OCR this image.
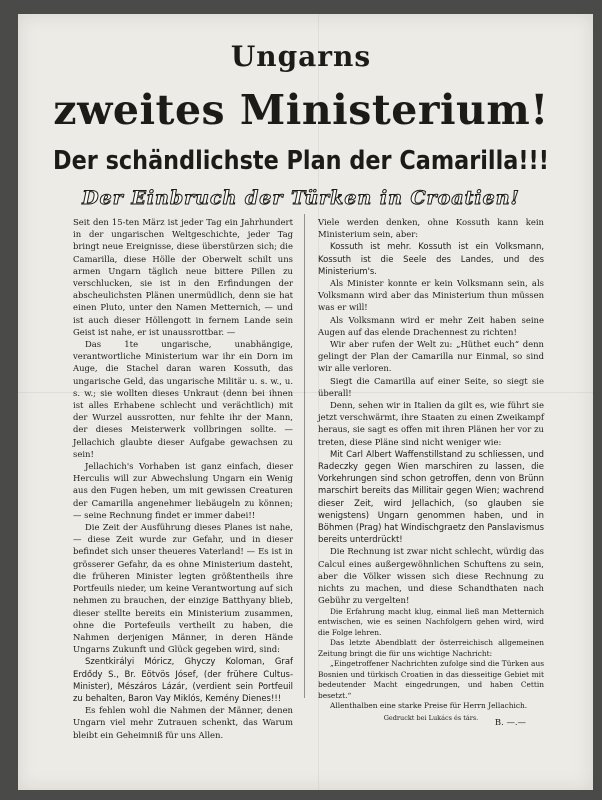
Ungarns
zweites Ministerium!
Der schändlichste Plan der Camarilla!!!
Der Einbruch der Türken in Croatien!

Seit den 15-ten März ist jeder Tag ein Jahrhundert in der ungarischen Weltgeschichte, jeder Tag bringt neue Ereignisse, diese überstürzen sich; die Camarilla, diese Hölle der Oberwelt schilt uns armen Ungarn täglich neue bittere Pillen zu verschlucken, sie ist in den Erfindungen der abscheulichsten Plänen unermüdlich, denn sie hat einen Pluto, unter den Namen Metternich, — und ist auch dieser Höllengott in fernem Lande sein Geist ist nahe, er ist unaussrottbar. —

Das 1te ungarische, unabhängige, verantwortliche Ministerium war ihr ein Dorn im Auge, die Stachel daran waren Kossuth, das ungarische Geld, das ungarische Militär u. s. w., u. s. w.; sie wollten dieses Unkraut (denn bei ihnen ist alles Erhabene schlecht und verächtlich) mit der Wurzel aussrotten, nur fehlte ihr der Mann, der dieses Meisterwerk vollbringen sollte. — Jellachich glaubte dieser Aufgabe gewachsen zu sein!

Jellachich's Vorhaben ist ganz einfach, dieser Herculis will zur Abwechslung Ungarn ein Wenig aus den Fugen heben, um mit gewissen Creaturen der Camarilla angenehmer liebäugeln zu können; — seine Rechnung findet er immer dabei!!

Die Zeit der Ausführung dieses Planes ist nahe, — diese Zeit wurde zur Gefahr, und in dieser befindet sich unser theueres Vaterland! — Es ist in grösserer Gefahr, da es ohne Ministerium dasteht, die früheren Minister legten größtentheils ihre Portfeuils nieder, um keine Verantwortung auf sich nehmen zu brauchen, der einzige Batthyany blieb, dieser stellte bereits ein Ministerium zusammen, ohne die Portefeuils vertheilt zu haben, die Nahmen derjenigen Männer, in deren Hände Ungarns Zukunft und Glück gegeben wird, sind:

Szentkirályi Móricz, Ghyczy Koloman, Graf Erdődy S., Br. Eötvös Jósef, (der frühere Cultus-Minister), Mészáros Lázár, (verdient sein Portfeuil zu behalten, Baron Vay Miklós, Kemény Dienes!!!

Es fehlen wohl die Nahmen der Männer, denen Ungarn viel mehr Zutrauen schenkt, das Warum bleibt ein Geheimniß für uns Allen.

Viele werden denken, ohne Kossuth kann kein Ministerium sein, aber:

Kossuth ist mehr. Kossuth ist ein Volksmann, Kossuth ist die Seele des Landes, und des Ministerium's.

Als Minister konnte er kein Volksmann sein, als Volksmann wird aber das Ministerium thun müssen was er will!

Als Volksmann wird er mehr Zeit haben seine Augen auf das elende Drachennest zu richten!

Wir aber rufen der Welt zu: „Hüthet euch“ denn gelingt der Plan der Camarilla nur Einmal, so sind wir alle verloren.

Siegt die Camarilla auf einer Seite, so siegt sie überall!

Denn, sehen wir in Italien da gilt es, wie führt sie jetzt verschwärmt, ihre Staaten zu einen Zweikampf heraus, sie sagt es offen mit ihren Plänen her vor zu treten, diese Pläne sind nicht weniger wie:

Mit Carl Albert Waffenstillstand zu schliessen, und Radeczky gegen Wien marschiren zu lassen, die Vorkehrungen sind schon getroffen, denn von Brünn marschirt bereits das Millitair gegen Wien; wachrend dieser Zeit, wird Jellachich, (so glauben sie wenigstens) Ungarn genommen haben, und in Böhmen (Prag) hat Windischgraetz den Panslavismus bereits unterdrückt!

Die Rechnung ist zwar nicht schlecht, würdig das Calcul eines außergewöhnlichen Schuftens zu sein, aber die Völker wissen sich diese Rechnung zu nichts zu machen, und diese Schandthaten nach Gebühr zu vergelten!

Die Erfahrung macht klug, einmal ließ man Metternich entwischen, wie es seinen Nachfolgern gehen wird, wird die Folge lehren.

Das letzte Abendblatt der österreichisch allgemeinen Zeitung bringt die für uns wichtige Nachricht:

„Eingetroffener Nachrichten zufolge sind die Türken aus Bosnien und türkisch Croatien in das diesseitige Gebiet mit bedeutender Macht eingedrungen, und haben Cettin besetzt.“

Allenthalben eine starke Preise für Herrn Jellachich.

B. —.—

Gedruckt bei Lukács és társ.
